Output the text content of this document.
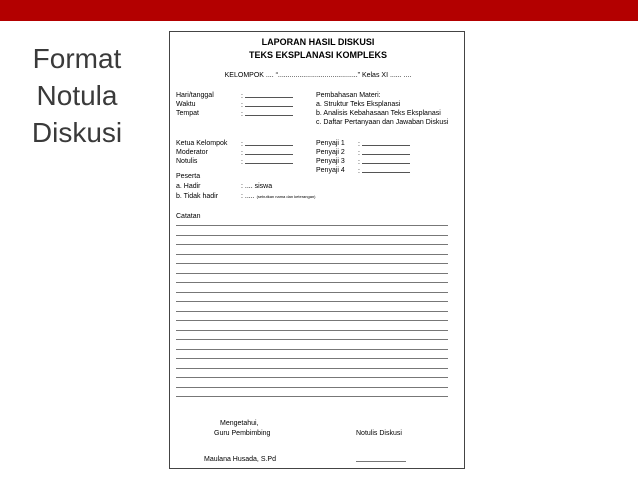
Format
Notula
Diskusi
LAPORAN HASIL DISKUSI
TEKS EKSPLANASI KOMPLEKS
KELOMPOK .... “.........................................” Kelas XI ...... ....
Hari/tanggal	:
Waktu	:
Tempat	:
Pembahasan Materi:
a. Struktur Teks Eksplanasi
b. Analisis Kebahasaan Teks Eksplanasi
c. Daftar Pertanyaan dan Jawaban Diskusi
Ketua Kelompok :
Moderator	:
Notulis	:
Penyaji 1 :
Penyaji 2 :
Penyaji 3 :
Penyaji 4 :
Peserta
a. Hadir	: .... siswa
b. Tidak hadir	: ..... (sebutkan nama dan keterangan)
Catatan
Mengetahui,
Guru Pembimbing	Notulis Diskusi
Maulana Husada, S.Pd
